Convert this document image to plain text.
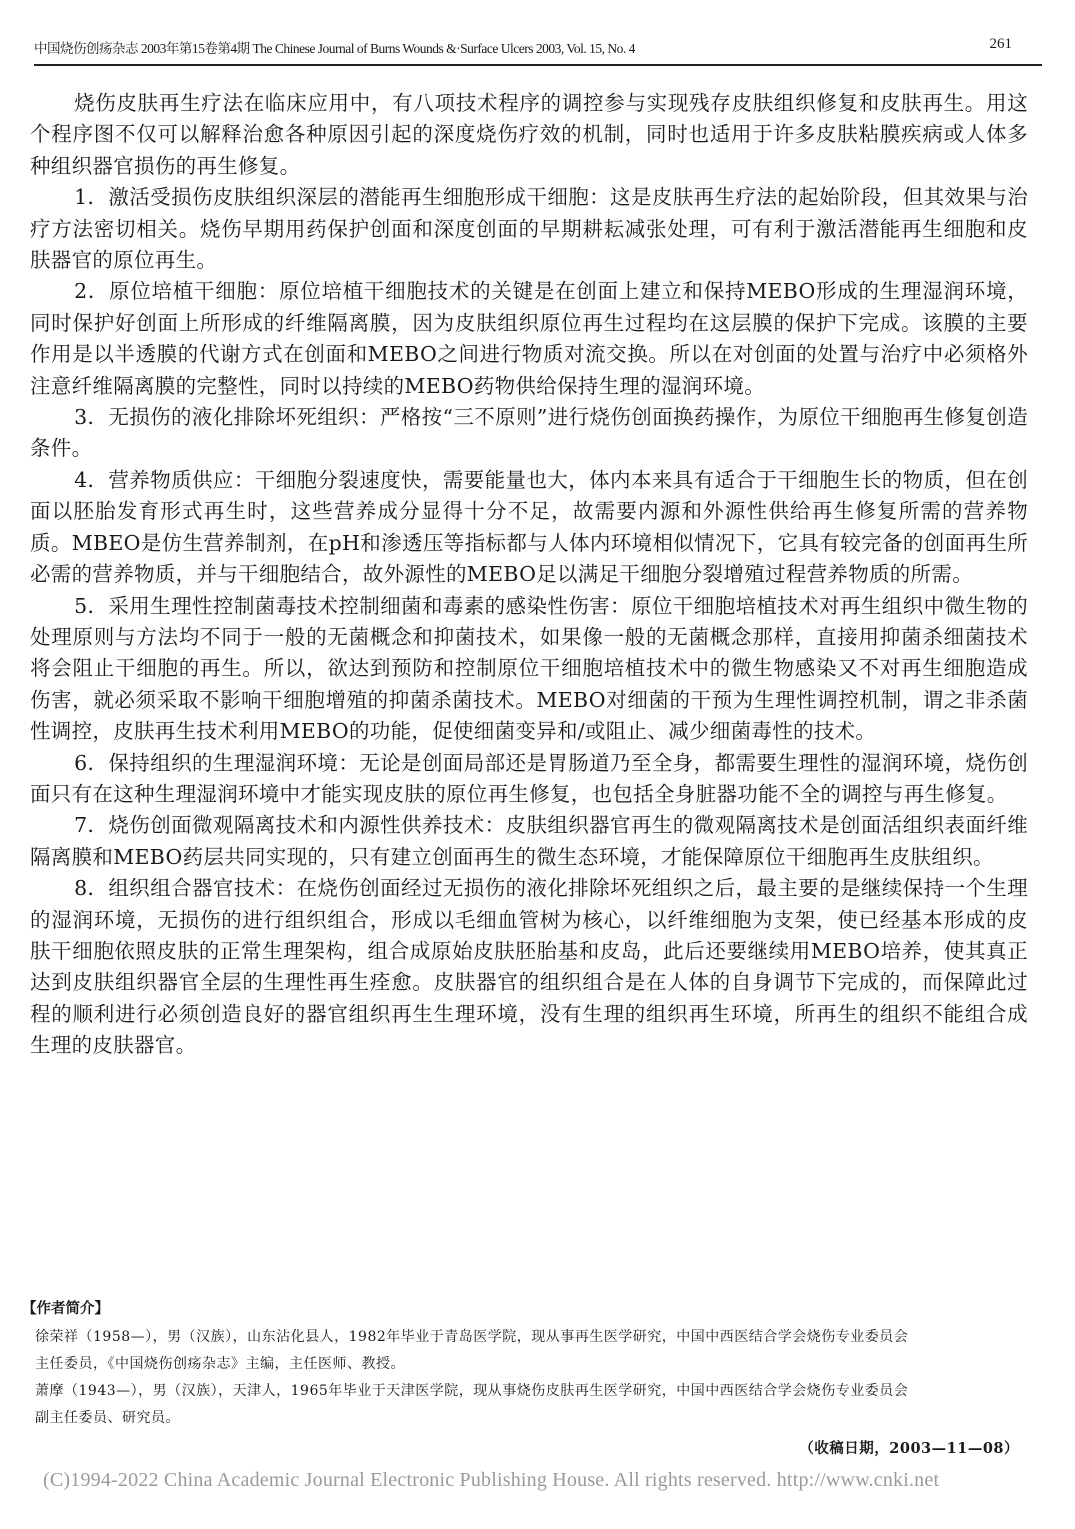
中国烧伤创疡杂志 2003年第15卷第4期 The Chinese Journal of Burns Wounds &·Surface Ulcers 2003, Vol. 15, No. 4	261

烧伤皮肤再生疗法在临床应用中，有八项技术程序的调控参与实现残存皮肤组织修复和皮肤再生。用这个程序图不仅可以解释治愈各种原因引起的深度烧伤疗效的机制，同时也适用于许多皮肤粘膜疾病或人体多种组织器官损伤的再生修复。

1．激活受损伤皮肤组织深层的潜能再生细胞形成干细胞：这是皮肤再生疗法的起始阶段，但其效果与治疗方法密切相关。烧伤早期用药保护创面和深度创面的早期耕耘减张处理，可有利于激活潜能再生细胞和皮肤器官的原位再生。

2．原位培植干细胞：原位培植干细胞技术的关键是在创面上建立和保持MEBO形成的生理湿润环境，同时保护好创面上所形成的纤维隔离膜，因为皮肤组织原位再生过程均在这层膜的保护下完成。该膜的主要作用是以半透膜的代谢方式在创面和MEBO之间进行物质对流交换。所以在对创面的处置与治疗中必须格外注意纤维隔离膜的完整性，同时以持续的MEBO药物供给保持生理的湿润环境。

3．无损伤的液化排除坏死组织：严格按“三不原则”进行烧伤创面换药操作，为原位干细胞再生修复创造条件。

4．营养物质供应：干细胞分裂速度快，需要能量也大，体内本来具有适合于干细胞生长的物质，但在创面以胚胎发育形式再生时，这些营养成分显得十分不足，故需要内源和外源性供给再生修复所需的营养物质。MBEO是仿生营养制剂，在pH和渗透压等指标都与人体内环境相似情况下，它具有较完备的创面再生所必需的营养物质，并与干细胞结合，故外源性的MEBO足以满足干细胞分裂增殖过程营养物质的所需。

5．采用生理性控制菌毒技术控制细菌和毒素的感染性伤害：原位干细胞培植技术对再生组织中微生物的处理原则与方法均不同于一般的无菌概念和抑菌技术，如果像一般的无菌概念那样，直接用抑菌杀细菌技术将会阻止干细胞的再生。所以，欲达到预防和控制原位干细胞培植技术中的微生物感染又不对再生细胞造成伤害，就必须采取不影响干细胞增殖的抑菌杀菌技术。MEBO对细菌的干预为生理性调控机制，谓之非杀菌性调控，皮肤再生技术利用MEBO的功能，促使细菌变异和/或阻止、减少细菌毒性的技术。

6．保持组织的生理湿润环境：无论是创面局部还是胃肠道乃至全身，都需要生理性的湿润环境，烧伤创面只有在这种生理湿润环境中才能实现皮肤的原位再生修复，也包括全身脏器功能不全的调控与再生修复。

7．烧伤创面微观隔离技术和内源性供养技术：皮肤组织器官再生的微观隔离技术是创面活组织表面纤维隔离膜和MEBO药层共同实现的，只有建立创面再生的微生态环境，才能保障原位干细胞再生皮肤组织。

8．组织组合器官技术：在烧伤创面经过无损伤的液化排除坏死组织之后，最主要的是继续保持一个生理的湿润环境，无损伤的进行组织组合，形成以毛细血管树为核心，以纤维细胞为支架，使已经基本形成的皮肤干细胞依照皮肤的正常生理架构，组合成原始皮肤胚胎基和皮岛，此后还要继续用MEBO培养，使其真正达到皮肤组织器官全层的生理性再生痊愈。皮肤器官的组织组合是在人体的自身调节下完成的，而保障此过程的顺利进行必须创造良好的器官组织再生生理环境，没有生理的组织再生环境，所再生的组织不能组合成生理的皮肤器官。

【作者简介】
徐荣祥（1958—），男（汉族），山东沾化县人，1982年毕业于青岛医学院，现从事再生医学研究，中国中西医结合学会烧伤专业委员会
主任委员，《中国烧伤创疡杂志》主编，主任医师、教授。
萧摩（1943—），男（汉族），天津人，1965年毕业于天津医学院，现从事烧伤皮肤再生医学研究，中国中西医结合学会烧伤专业委员会
副主任委员、研究员。
（收稿日期，2003—11—08）
(C)1994-2022 China Academic Journal Electronic Publishing House. All rights reserved. http://www.cnki.net
